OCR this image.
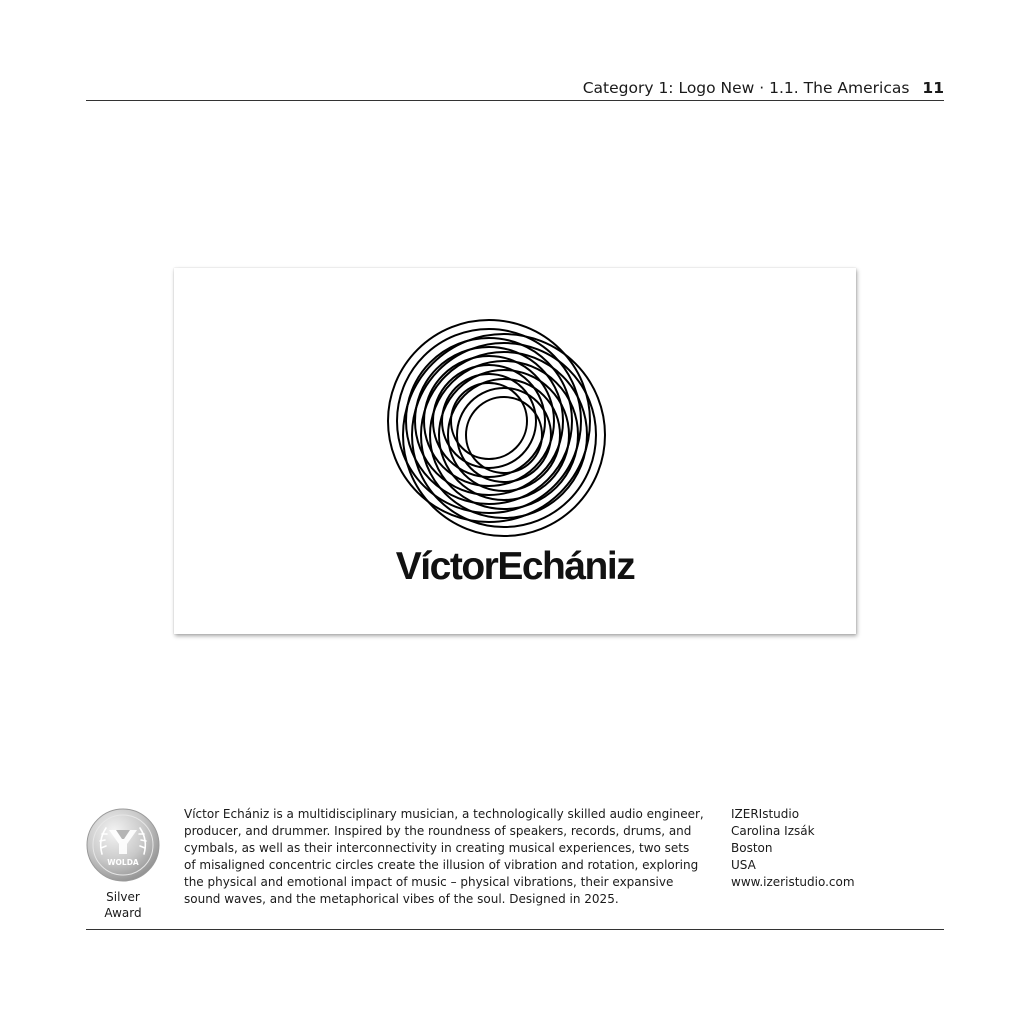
Category 1: Logo New · 1.1. The Americas 11
VíctorEchániz
WOLDA
Silver
Award
Víctor Echániz is a multidisciplinary musician, a technologically skilled audio engineer,
producer, and drummer. Inspired by the roundness of speakers, records, drums, and
cymbals, as well as their interconnectivity in creating musical experiences, two sets
of misaligned concentric circles create the illusion of vibration and rotation, exploring
the physical and emotional impact of music – physical vibrations, their expansive
sound waves, and the metaphorical vibes of the soul. Designed in 2025.
IZERIstudio
Carolina Izsák
Boston
USA
www.izeristudio.com
